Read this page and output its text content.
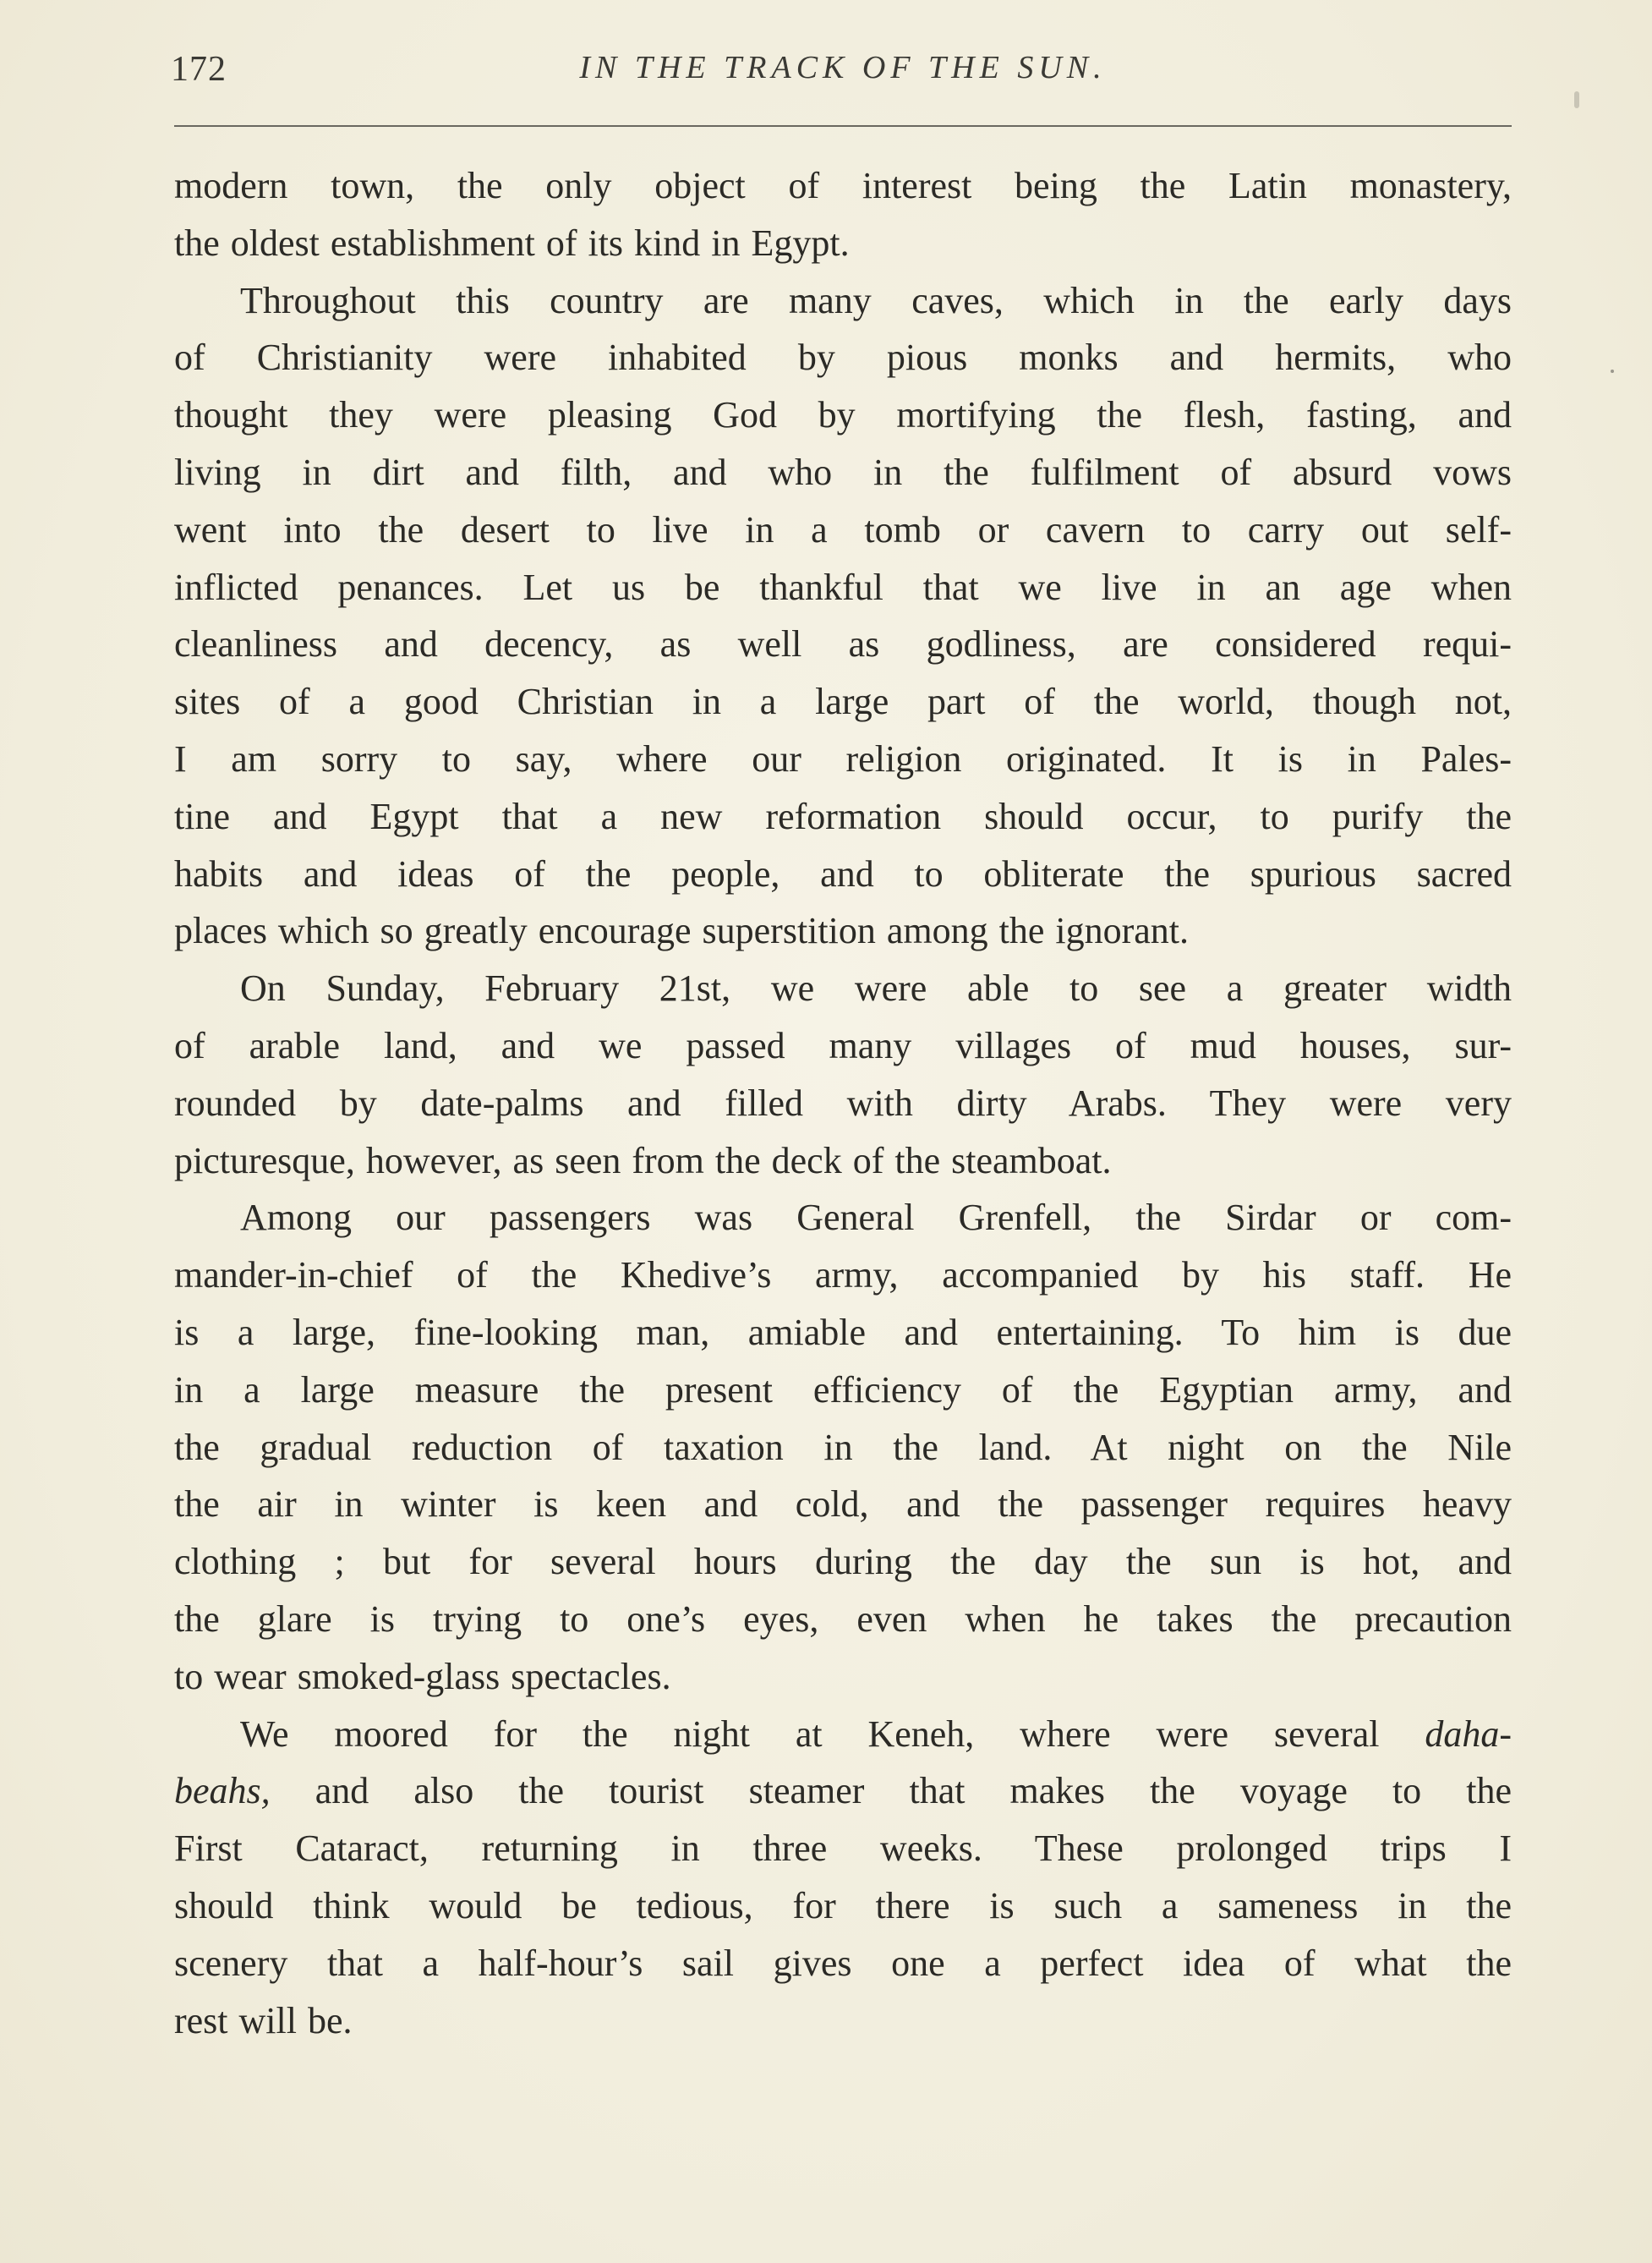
172	IN THE TRACK OF THE SUN.
modern town, the only object of interest being the Latin monastery,
the oldest establishment of its kind in Egypt.
Throughout this country are many caves, which in the early days
of Christianity were inhabited by pious monks and hermits, who
thought they were pleasing God by mortifying the flesh, fasting, and
living in dirt and filth, and who in the fulfilment of absurd vows
went into the desert to live in a tomb or cavern to carry out self-
inflicted penances. Let us be thankful that we live in an age when
cleanliness and decency, as well as godliness, are considered requi-
sites of a good Christian in a large part of the world, though not,
I am sorry to say, where our religion originated. It is in Pales-
tine and Egypt that a new reformation should occur, to purify the
habits and ideas of the people, and to obliterate the spurious sacred
places which so greatly encourage superstition among the ignorant.
On Sunday, February 21st, we were able to see a greater width
of arable land, and we passed many villages of mud houses, sur-
rounded by date-palms and filled with dirty Arabs. They were very
picturesque, however, as seen from the deck of the steamboat.
Among our passengers was General Grenfell, the Sirdar or com-
mander-in-chief of the Khedive’s army, accompanied by his staff. He
is a large, fine-looking man, amiable and entertaining. To him is due
in a large measure the present efficiency of the Egyptian army, and
the gradual reduction of taxation in the land. At night on the Nile
the air in winter is keen and cold, and the passenger requires heavy
clothing ; but for several hours during the day the sun is hot, and
the glare is trying to one’s eyes, even when he takes the precaution
to wear smoked-glass spectacles.
We moored for the night at Keneh, where were several daha-
beahs, and also the tourist steamer that makes the voyage to the
First Cataract, returning in three weeks. These prolonged trips I
should think would be tedious, for there is such a sameness in the
scenery that a half-hour’s sail gives one a perfect idea of what the
rest will be.
